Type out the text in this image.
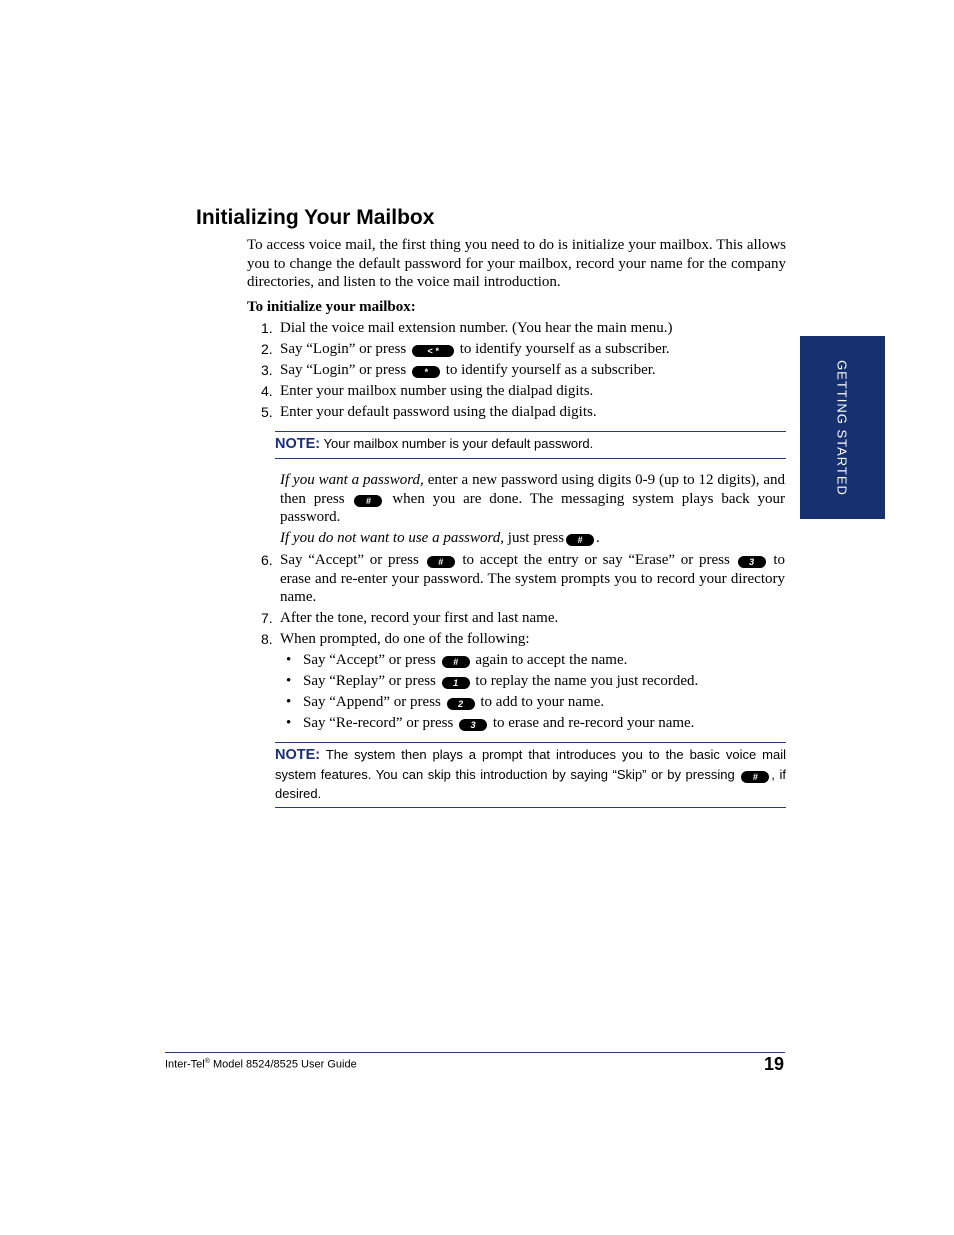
Initializing Your Mailbox
To access voice mail, the first thing you need to do is initialize your mailbox. This allows you to change the default password for your mailbox, record your name for the company directories, and listen to the voice mail introduction.
To initialize your mailbox:
1. Dial the voice mail extension number. (You hear the main menu.)
2. Say “Login” or press < * to identify yourself as a subscriber.
3. Say “Login” or press * to identify yourself as a subscriber.
4. Enter your mailbox number using the dialpad digits.
5. Enter your default password using the dialpad digits.
NOTE: Your mailbox number is your default password.
If you want a password, enter a new password using digits 0-9 (up to 12 digits), and then press # when you are done. The messaging system plays back your password.
If you do not want to use a password, just press # .
6. Say “Accept” or press # to accept the entry or say “Erase” or press 3 to erase and re-enter your password. The system prompts you to record your directory name.
7. After the tone, record your first and last name.
8. When prompted, do one of the following:
• Say “Accept” or press # again to accept the name.
• Say “Replay” or press 1 to replay the name you just recorded.
• Say “Append” or press 2 to add to your name.
• Say “Re-record” or press 3 to erase and re-record your name.
NOTE: The system then plays a prompt that introduces you to the basic voice mail system features. You can skip this introduction by saying “Skip” or by pressing # , if desired.
GETTING STARTED
Inter-Tel® Model 8524/8525 User Guide	19
